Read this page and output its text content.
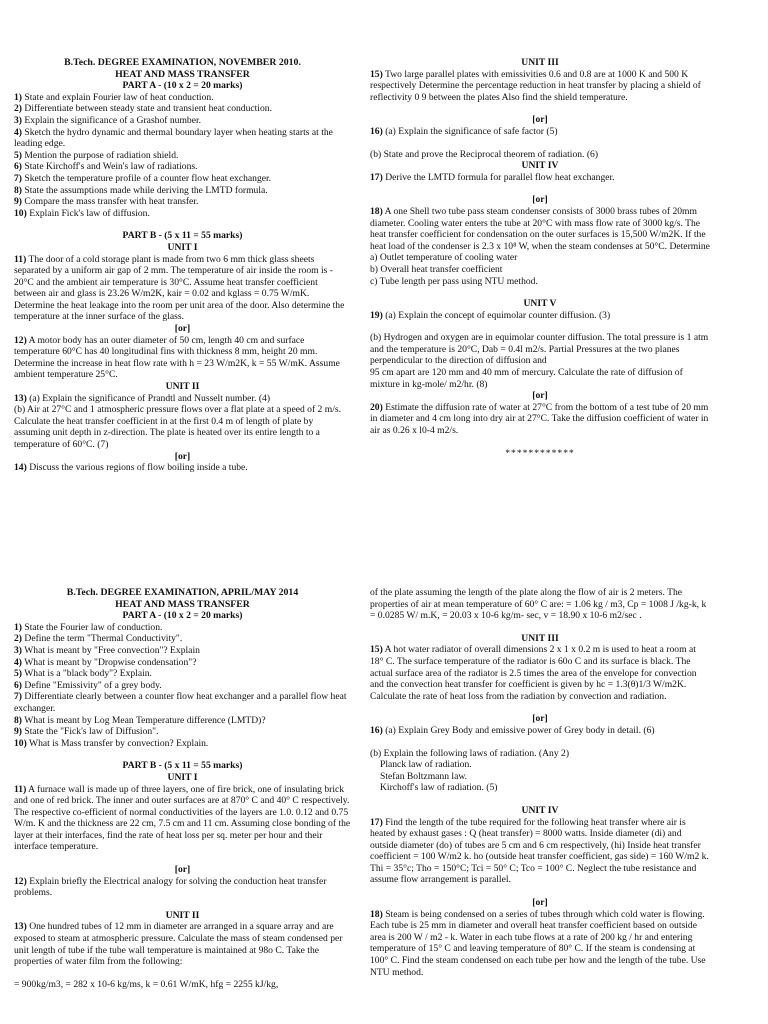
B.Tech. DEGREE EXAMINATION, NOVEMBER 2010.

HEAT AND MASS TRANSFER

PART A - (10 x 2 = 20 marks)

1) State and explain Fourier law of heat conduction.

2) Differentiate between steady state and transient heat conduction.

3) Explain the significance of a Grashof number.

4) Sketch the hydro dynamic and thermal boundary layer when heating starts at the leading edge.

5) Mention the purpose of radiation shield.

6) State Kirchoff's and Wein's law of radiations.

7) Sketch the temperature profile of a counter flow heat exchanger.

8) State the assumptions made while deriving the LMTD formula.

9) Compare the mass transfer with heat transfer.

10) Explain Fick's law of diffusion.

PART B - (5 x 11 = 55 marks)

UNIT I

11) The door of a cold storage plant is made from two 6 mm thick glass sheets separated by a uniform air gap of 2 mm. The temperature of air inside the room is - 20°C and the ambient air temperature is 30°C. Assume heat transfer coefficient between air and glass is 23.26 W/m2K, kair = 0.02 and kglass = 0.75 W/mK. Determine the heat leakage into the room per unit area of the door. Also determine the temperature at the inner surface of the glass.

[or]

12) A motor body has an outer diameter of 50 cm, length 40 cm and surface temperature 60°C has 40 longitudinal fins with thickness 8 mm, height 20 mm. Determine the increase in heat flow rate with h = 23 W/m2K, k = 55 W/mK. Assume ambient temperature 25°C.

UNIT II

13) (a) Explain the significance of Prandtl and Nusselt number. (4)

(b) Air at 27°C and 1 atmospheric pressure flows over a flat plate at a speed of 2 m/s. Calculate the heat transfer coefficient in at the first 0.4 m of length of plate by assuming unit depth in z-direction. The plate is heated over its entire length to a temperature of 60°C. (7)

[or]

14) Discuss the various regions of flow boiling inside a tube.

UNIT III

15) Two large parallel plates with emissivities 0.6 and 0.8 are at 1000 K and 500 K respectively Determine the percentage reduction in heat transfer by placing a shield of reflectivity 0 9 between the plates Also find the shield temperature.

[or]

16) (a) Explain the significance of safe factor (5)

(b) State and prove the Reciprocal theorem of radiation. (6)

UNIT IV

17) Derive the LMTD formula for parallel flow heat exchanger.

[or]

18) A one Shell two tube pass steam condenser consists of 3000 brass tubes of 20mm diameter. Cooling water enters the tube at 20°C with mass flow rate of 3000 kg/s. The heat transfer coefficient for condensation on the outer surfaces is 15,500 W/m2K. If the heat load of the condenser is 2.3 x 10⁸ W, when the steam condenses at 50°C. Determine

a) Outlet temperature of cooling water

b) Overall heat transfer coefficient

c) Tube length per pass using NTU method.

UNIT V

19) (a) Explain the concept of equimolar counter diffusion. (3)

(b) Hydrogen and oxygen are in equimolar counter diffusion. The total pressure is 1 atm and the temperature is 20°C, Dab = 0.4l m2/s. Partial Pressures at the two planes perpendicular to the direction of diffusion and

95 cm apart are 120 mm and 40 mm of mercury. Calculate the rate of diffusion of mixture in kg-mole/ m2/hr. (8)

[or]

20) Estimate the diffusion rate of water at 27°C from the bottom of a test tube of 20 mm in diameter and 4 cm long into dry air at 27°C. Take the diffusion coefficient of water in air as 0.26 x l0-4 m2/s.

************

B.Tech. DEGREE EXAMINATION, APRIL/MAY 2014

HEAT AND MASS TRANSFER

PART A - (10 x 2 = 20 marks)

1) State the Fourier law of conduction.

2) Define the term "Thermal Conductivity".

3) What is meant by "Free convection"? Explain

4) What is meant by "Dropwise condensation"?

5) What is a "black body"? Explain.

6) Define "Emissivity" of a grey body.

7) Differentiate clearly between a counter flow heat exchanger and a parallel flow heat exchanger.

8) What is meant by Log Mean Temperature difference (LMTD)?

9) State the "Fick's law of Diffusion".

10) What is Mass transfer by convection? Explain.

PART B - (5 x 11 = 55 marks)

UNIT I

11) A furnace wall is made up of three layers, one of fire brick, one of insulating brick and one of red brick. The inner and outer surfaces are at 870° C and 40° C respectively. The respective co-efficient of normal conductivities of the layers are 1.0. 0.12 and 0.75 W/m. K and the thickness are 22 cm, 7.5 cm and 11 cm. Assuming close bonding of the layer at their interfaces, find the rate of heat loss per sq. meter per hour and their interface temperature.

[or]

12) Explain briefly the Electrical analogy for solving the conduction heat transfer problems.

UNIT II

13) One hundred tubes of 12 mm in diameter are arranged in a square array and are exposed to steam at atmospheric pressure. Calculate the mass of steam condensed per unit length of tube if the tube wall temperature is maintained at 98o C. Take the properties of water film from the following:

= 900kg/m3, = 282 x 10-6 kg/ms, k = 0.61 W/mK, hfg = 2255 kJ/kg,

of the plate assuming the length of the plate along the flow of air is 2 meters. The properties of air at mean temperature of 60° C are: = 1.06 kg / m3, Cp = 1008 J /kg-k, k = 0.0285 W/ m.K, = 20.03 x 10-6 kg/m- sec, v = 18.90 x 10-6 m2/sec .

UNIT III

15) A hot water radiator of overall dimensions 2 x 1 x 0.2 m is used to heat a room at 18° C. The surface temperature of the radiator is 60o C and its surface is black. The actual surface area of the radiator is 2.5 times the area of the envelope for convection and the convection heat transfer for coefficient is given by hc = 1.3(θ)1/3 W/m2K. Calculate the rate of heat loss from the radiation by convection and radiation.

[or]

16) (a) Explain Grey Body and emissive power of Grey body in detail. (6)

(b) Explain the following laws of radiation. (Any 2)

Planck law of radiation.

Stefan Boltzmann law.

Kirchoff's law of radiation. (5)

UNIT IV

17) Find the length of the tube required for the following heat transfer where air is heated by exhaust gases : Q (heat transfer) = 8000 watts. Inside diameter (di) and outside diameter (do) of tubes are 5 cm and 6 cm respectively, (hi) Inside heat transfer coefficient = 100 W/m2 k. ho (outside heat transfer coefficient, gas side) = 160 W/m2 k. Thi = 35°c; Tho = 150°C; Tci = 50° C; Tco = 100° C. Neglect the tube resistance and assume flow arrangement is parallel.

[or]

18) Steam is being condensed on a series of tubes through which cold water is flowing. Each tube is 25 mm in diameter and overall heat transfer coefficient based on outside area is 200 W / m2 - k. Water in each tube flows at a rate of 200 kg / hr and entering temperature of 15° C and leaving temperature of 80° C. If the steam is condensing at 100° C. Find the steam condensed on each tube per how and the length of the tube. Use NTU method.
